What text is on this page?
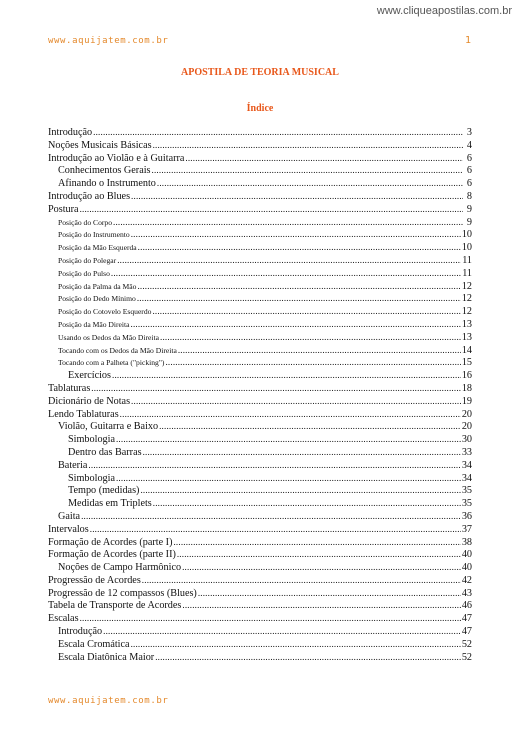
www.cliqueapostilas.com.br
www.aquijatem.com.br	1
APOSTILA DE TEORIA MUSICAL
Índice
Introdução .....	3
Noções Musicais Básicas .....	4
Introdução ao Violão e à Guitarra .....	6
Conhecimentos Gerais .....	6
Afinando o Instrumento .....	6
Introdução ao Blues .....	8
Postura .....	9
Posição do Corpo .....	9
Posição do Instrumento .....	10
Posição da Mão Esquerda .....	10
Posição do Polegar .....	11
Posição do Pulso .....	11
Posição da Palma da Mão .....	12
Posição do Dedo Mínimo .....	12
Posição do Cotovelo Esquerdo .....	12
Posição da Mão Direita .....	13
Usando os Dedos da Mão Direita .....	13
Tocando com os Dedos da Mão Direita .....	14
Tocando com a Palheta ("picking") .....	15
Exercícios .....	16
Tablaturas .....	18
Dicionário de Notas .....	19
Lendo Tablaturas .....	20
Violão, Guitarra e Baixo .....	20
Simbologia .....	30
Dentro das Barras .....	33
Bateria .....	34
Simbologia .....	34
Tempo (medidas) .....	35
Medidas em Triplets .....	35
Gaita .....	36
Intervalos .....	37
Formação de Acordes (parte I) .....	38
Formação de Acordes (parte II) .....	40
Noções de Campo Harmônico .....	40
Progressão de Acordes .....	42
Progressão de 12 compassos (Blues) .....	43
Tabela de Transporte de Acordes .....	46
Escalas .....	47
Introdução .....	47
Escala Cromática .....	52
Escala Diatônica Maior .....	52
www.aquijatem.com.br
